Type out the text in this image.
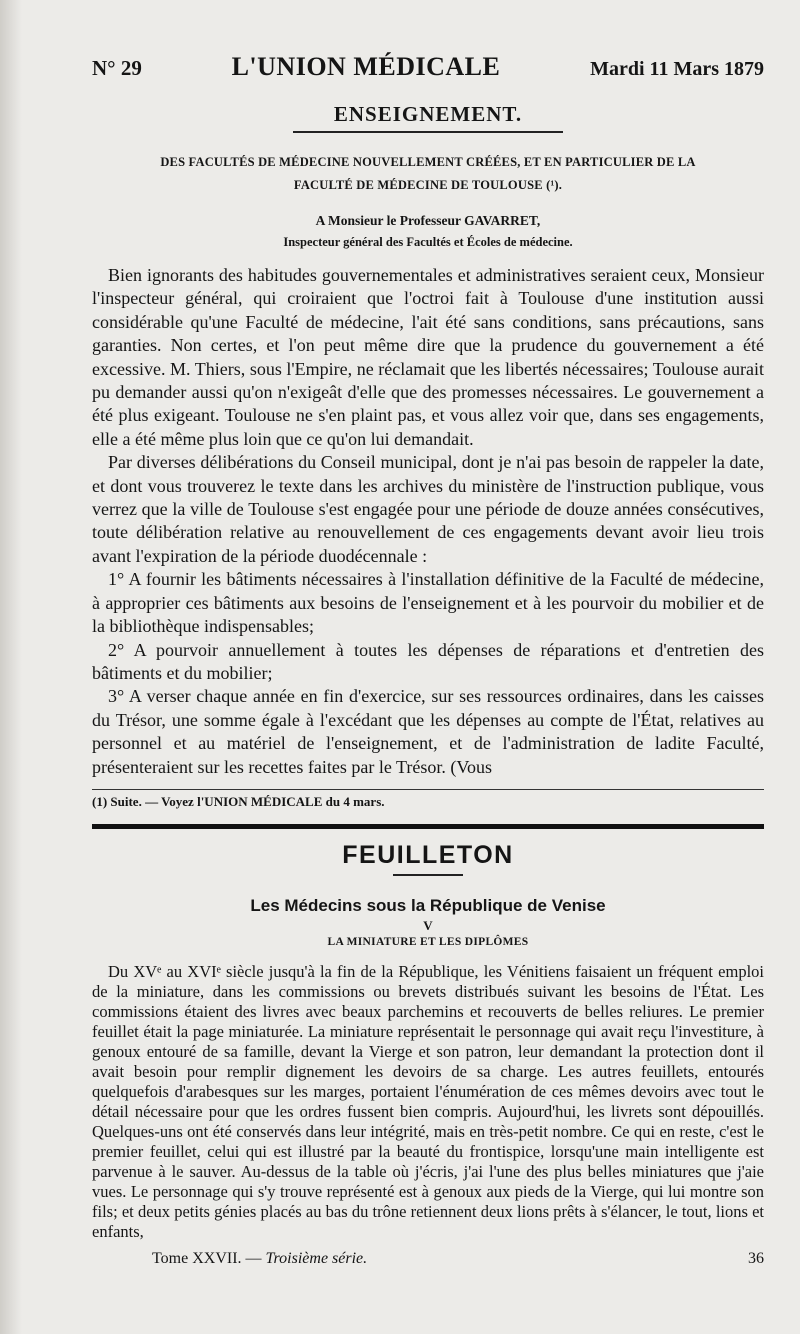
N° 29	L'UNION MÉDICALE	Mardi 11 Mars 1879
ENSEIGNEMENT.
DES FACULTÉS DE MÉDECINE NOUVELLEMENT CRÉÉES, ET EN PARTICULIER DE LA
FACULTÉ DE MÉDECINE DE TOULOUSE (¹).
A Monsieur le Professeur GAVARRET,
Inspecteur général des Facultés et Écoles de médecine.

Bien ignorants des habitudes gouvernementales et administratives seraient ceux, Monsieur l'inspecteur général, qui croiraient que l'octroi fait à Toulouse d'une institution aussi considérable qu'une Faculté de médecine, l'ait été sans conditions, sans précautions, sans garanties. Non certes, et l'on peut même dire que la prudence du gouvernement a été excessive. M. Thiers, sous l'Empire, ne réclamait que les libertés nécessaires; Toulouse aurait pu demander aussi qu'on n'exigeât d'elle que des promesses nécessaires. Le gouvernement a été plus exigeant. Toulouse ne s'en plaint pas, et vous allez voir que, dans ses engagements, elle a été même plus loin que ce qu'on lui demandait.

Par diverses délibérations du Conseil municipal, dont je n'ai pas besoin de rappeler la date, et dont vous trouverez le texte dans les archives du ministère de l'instruction publique, vous verrez que la ville de Toulouse s'est engagée pour une période de douze années consécutives, toute délibération relative au renouvellement de ces engagements devant avoir lieu trois avant l'expiration de la période duodécennale :

1° A fournir les bâtiments nécessaires à l'installation définitive de la Faculté de médecine, à approprier ces bâtiments aux besoins de l'enseignement et à les pourvoir du mobilier et de la bibliothèque indispensables;

2° A pourvoir annuellement à toutes les dépenses de réparations et d'entretien des bâtiments et du mobilier;

3° A verser chaque année en fin d'exercice, sur ses ressources ordinaires, dans les caisses du Trésor, une somme égale à l'excédant que les dépenses au compte de l'État, relatives au personnel et au matériel de l'enseignement, et de l'administration de ladite Faculté, présenteraient sur les recettes faites par le Trésor. (Vous

(1) Suite. — Voyez l'UNION MÉDICALE du 4 mars.
FEUILLETON
Les Médecins sous la République de Venise
V
LA MINIATURE ET LES DIPLÔMES

Du XVᵉ au XVIᵉ siècle jusqu'à la fin de la République, les Vénitiens faisaient un fréquent emploi de la miniature, dans les commissions ou brevets distribués suivant les besoins de l'État. Les commissions étaient des livres avec beaux parchemins et recouverts de belles reliures. Le premier feuillet était la page miniaturée. La miniature représentait le personnage qui avait reçu l'investiture, à genoux entouré de sa famille, devant la Vierge et son patron, leur demandant la protection dont il avait besoin pour remplir dignement les devoirs de sa charge. Les autres feuillets, entourés quelquefois d'arabesques sur les marges, portaient l'énumération de ces mêmes devoirs avec tout le détail nécessaire pour que les ordres fussent bien compris. Aujourd'hui, les livrets sont dépouillés. Quelques-uns ont été conservés dans leur intégrité, mais en très-petit nombre. Ce qui en reste, c'est le premier feuillet, celui qui est illustré par la beauté du frontispice, lorsqu'une main intelligente est parvenue à le sauver. Au-dessus de la table où j'écris, j'ai l'une des plus belles miniatures que j'aie vues. Le personnage qui s'y trouve représenté est à genoux aux pieds de la Vierge, qui lui montre son fils; et deux petits génies placés au bas du trône retiennent deux lions prêts à s'élancer, le tout, lions et enfants,

Tome XXVII. — Troisième série.	36
